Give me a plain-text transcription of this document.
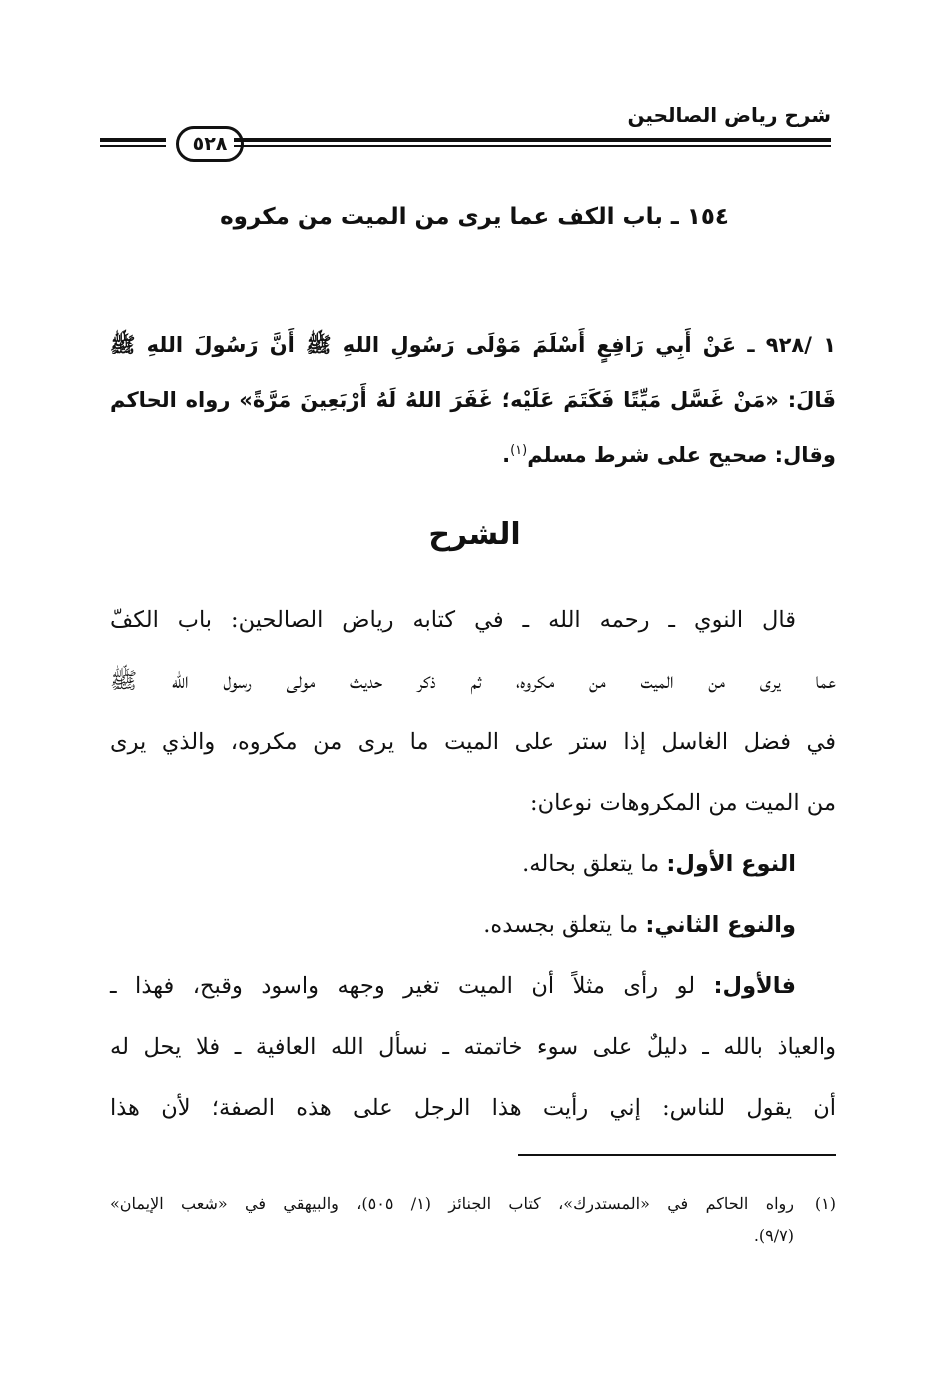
شرح رياض الصالحين
٥٢٨
١٥٤ ـ باب الكف عما يرى من الميت من مكروه
١ /٩٢٨ ـ عَنْ أَبِي رَافِعٍ أَسْلَمَ مَوْلَى رَسُولِ اللهِ ﷺ أَنَّ رَسُولَ اللهِ ﷺ
قَالَ: «مَنْ غَسَّل مَيِّتًا فَكَتَمَ عَلَيْه؛ غَفَرَ اللهُ لَهُ أَرْبَعِينَ مَرَّةً» رواه الحاكم
وقال: صحيح على شرط مسلم$^{(١)}$.
الشرح
قال النوي ـ رحمه الله ـ في كتابه رياض الصالحين: باب الكفّ
عما يرى من الميت من مكروه، ثم ذكر حديث مولى رسول الله ﷺ
في فضل الغاسل إذا ستر على الميت ما يرى من مكروه، والذي يرى
من الميت من المكروهات نوعان:
النوع الأول: ما يتعلق بحاله.
والنوع الثاني: ما يتعلق بجسده.
فالأول: لو رأى مثلاً أن الميت تغير وجهه واسود وقبح، فهذا ـ
والعياذ بالله ـ دليلٌ على سوء خاتمته ـ نسأل الله العافية ـ فلا يحل له
أن يقول للناس: إني رأيت هذا الرجل على هذه الصفة؛ لأن هذا
(١)رواه الحاكم في «المستدرك»، كتاب الجنائز (١/ ٥٠٥)، والبيهقي في «شعب الإيمان»
(٩/٧).
